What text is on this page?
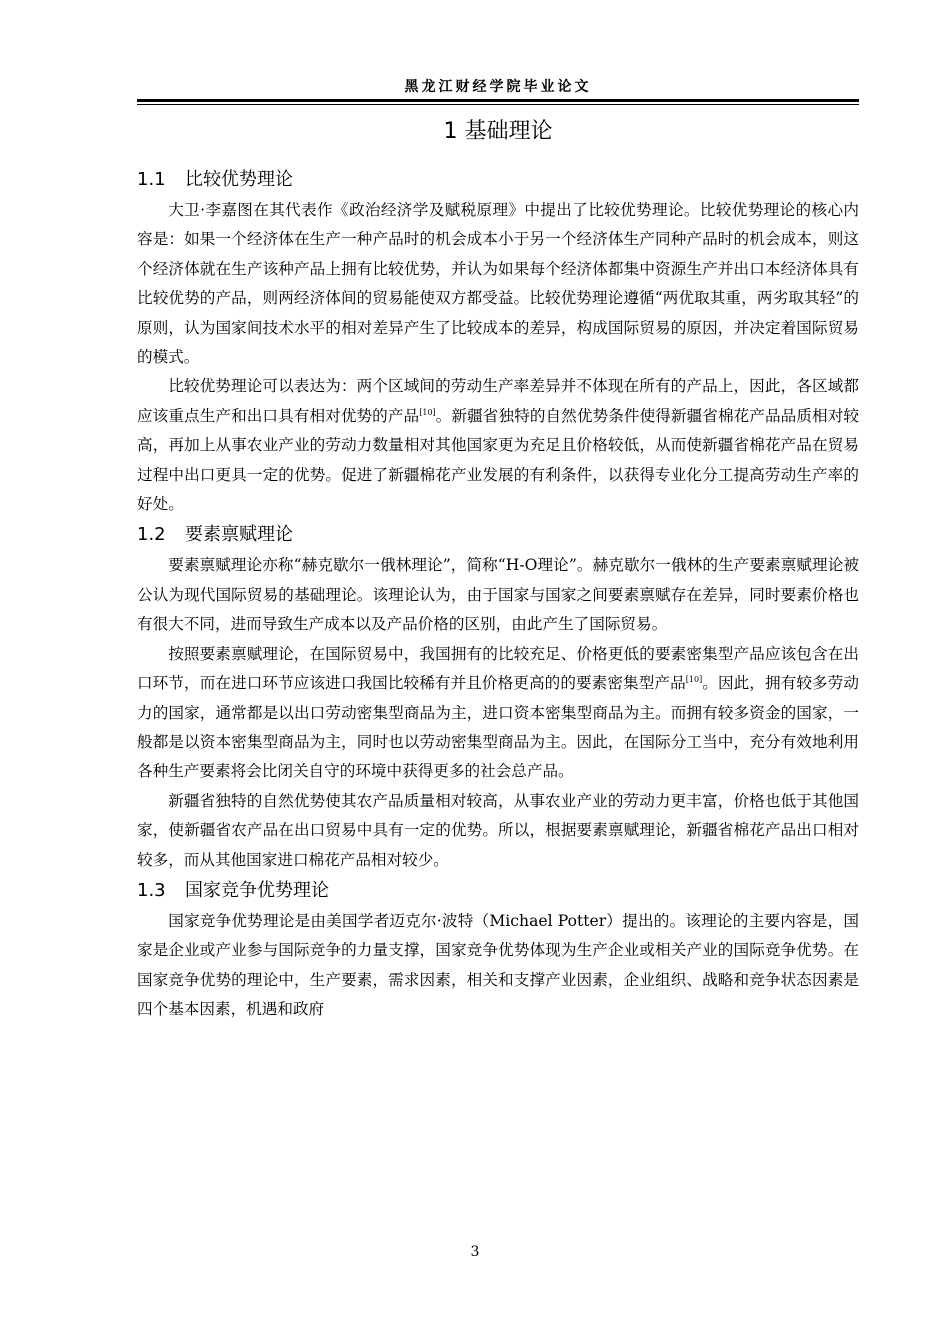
黑龙江财经学院毕业论文
1 基础理论
1.1 比较优势理论

大卫·李嘉图在其代表作《政治经济学及赋税原理》中提出了比较优势理论。比较优势理论的核心内容是：如果一个经济体在生产一种产品时的机会成本小于另一个经济体生产同种产品时的机会成本，则这个经济体就在生产该种产品上拥有比较优势，并认为如果每个经济体都集中资源生产并出口本经济体具有比较优势的产品，则两经济体间的贸易能使双方都受益。比较优势理论遵循“两优取其重，两劣取其轻”的原则，认为国家间技术水平的相对差异产生了比较成本的差异，构成国际贸易的原因，并决定着国际贸易的模式。

比较优势理论可以表达为：两个区域间的劳动生产率差异并不体现在所有的产品上，因此，各区域都应该重点生产和出口具有相对优势的产品[10]。新疆省独特的自然优势条件使得新疆省棉花产品品质相对较高，再加上从事农业产业的劳动力数量相对其他国家更为充足且价格较低，从而使新疆省棉花产品在贸易过程中出口更具一定的优势。促进了新疆棉花产业发展的有利条件，以获得专业化分工提高劳动生产率的好处。

1.2 要素禀赋理论

要素禀赋理论亦称“赫克歇尔一俄林理论”，简称“H-O理论”。赫克歇尔一俄林的生产要素禀赋理论被公认为现代国际贸易的基础理论。该理论认为，由于国家与国家之间要素禀赋存在差异，同时要素价格也有很大不同，进而导致生产成本以及产品价格的区别，由此产生了国际贸易。

按照要素禀赋理论，在国际贸易中，我国拥有的比较充足、价格更低的要素密集型产品应该包含在出口环节，而在进口环节应该进口我国比较稀有并且价格更高的的要素密集型产品[10]。因此，拥有较多劳动力的国家，通常都是以出口劳动密集型商品为主，进口资本密集型商品为主。而拥有较多资金的国家，一般都是以资本密集型商品为主，同时也以劳动密集型商品为主。因此，在国际分工当中，充分有效地利用各种生产要素将会比闭关自守的环境中获得更多的社会总产品。

新疆省独特的自然优势使其农产品质量相对较高，从事农业产业的劳动力更丰富，价格也低于其他国家，使新疆省农产品在出口贸易中具有一定的优势。所以，根据要素禀赋理论，新疆省棉花产品出口相对较多，而从其他国家进口棉花产品相对较少。

1.3 国家竞争优势理论

国家竞争优势理论是由美国学者迈克尔·波特（Michael Potter）提出的。该理论的主要内容是，国家是企业或产业参与国际竞争的力量支撑，国家竞争优势体现为生产企业或相关产业的国际竞争优势。在国家竞争优势的理论中，生产要素，需求因素，相关和支撑产业因素，企业组织、战略和竞争状态因素是四个基本因素，机遇和政府

3
